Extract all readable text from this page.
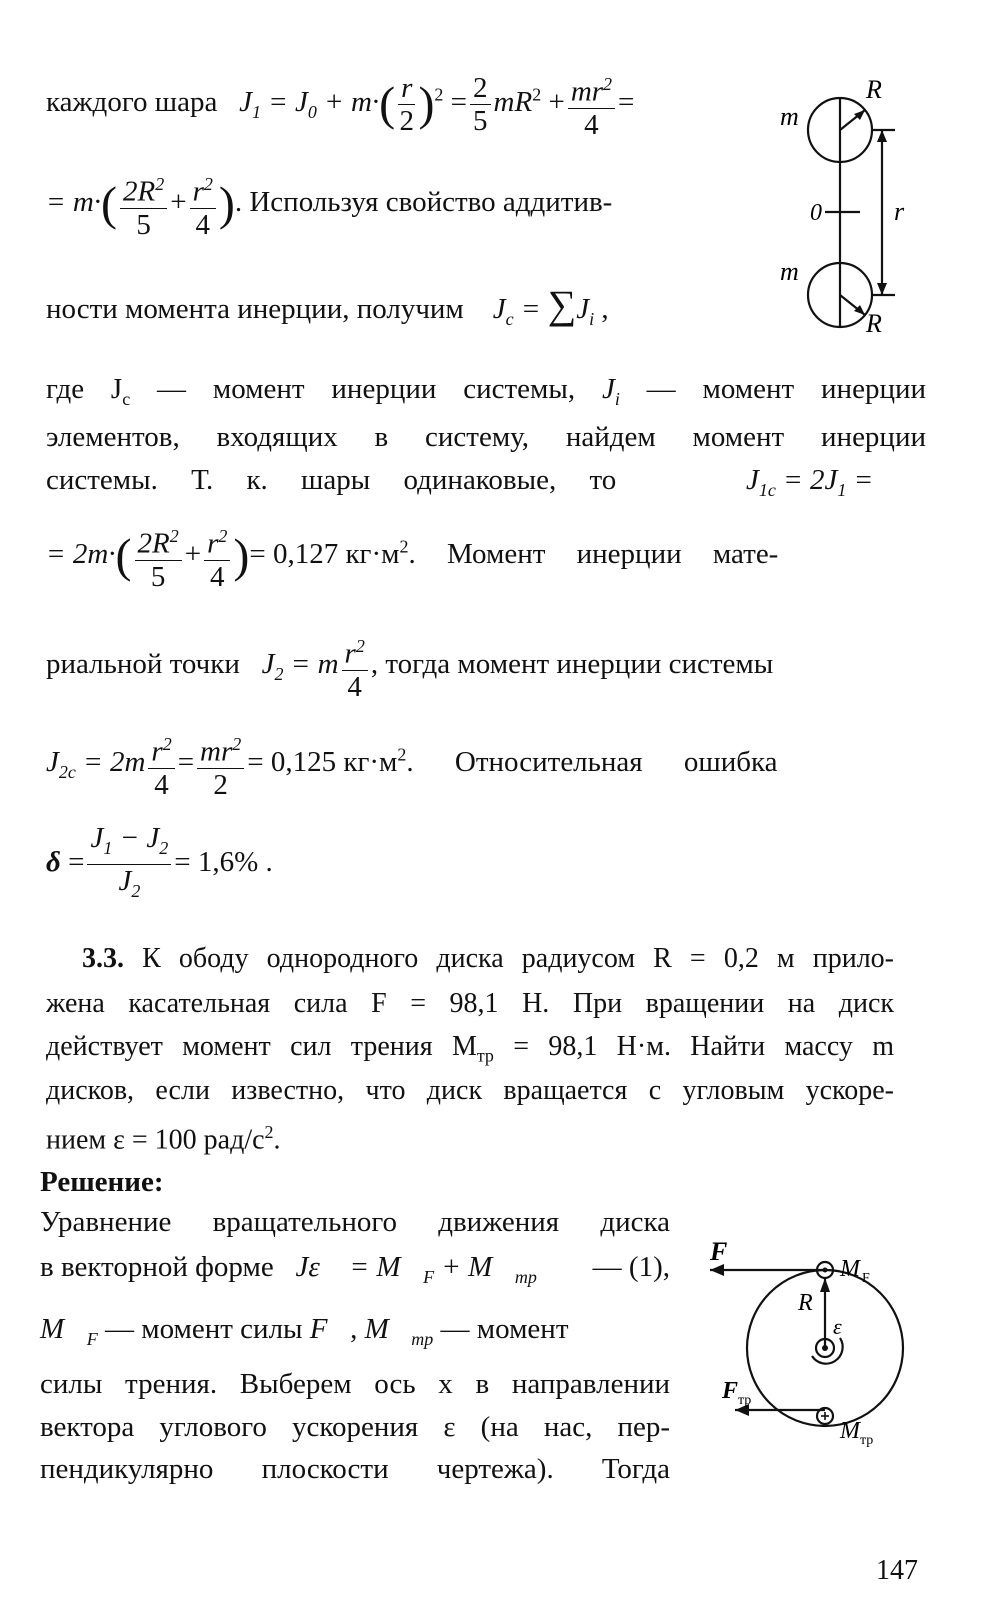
каждого шара   $J_1 = J_0 + m\cdot( \frac{r}{2} )^2 = \frac{2}{5} mR^2 + \frac{mr^2}{4}$ =
= $m\cdot( \frac{2R^2}{5} + \frac{r^2}{4}$ ). Используя свойство аддитив-
ности момента инерции, получим    $J_c = \sum J_i$ ,
где $J_c$ — момент инерции системы, $J_i$ — момент инерции
элементов, входящих в систему, найдем момент инерции
системы. Т. к. шары одинаковые, то	$J_{1c} = 2J_1$ =
= $2m\cdot( \frac{2R^2}{5} + \frac{r^2}{4}$ )= 0,127 $кг\cdot м^2$. Момент инерции мате-
риальной точки   $J_2 = m \frac{r^2}{4}$ , тогда момент инерции системы
$J_{2c} = 2m \frac{r^2}{4} = \frac{mr^2}{2} = 0,125$ $кг\cdot м^2$. Относительная ошибка
$\delta = \frac{J_1 - J_2}{J_2} = 1,6\%$ .
3.3. К ободу однородного диска радиусом R = 0,2 м прило-
жена касательная сила F = 98,1 Н. При вращении на диск
действует момент сил трения $M_{тр} = 98,1$ Н·м. Найти массу m
дисков, если известно, что диск вращается с угловым ускоре-
нием ε = 100 рад/$с^2$.
Решение:
Уравнение вращательного движения диска
в векторной форме   Jε⃗ = $M⃗_F$ + $M⃗_{тр}$ — (1),
$M⃗_F$ — момент силы F⃗, $M⃗_{тр}$ — момент
силы трения. Выберем ось x в направлении
вектора углового ускорения ε (на нас, пер-
пендикулярно плоскости чертежа). Тогда
R
m
0	r
m
R
F
M F
R
ε
F тр
M тр
147
